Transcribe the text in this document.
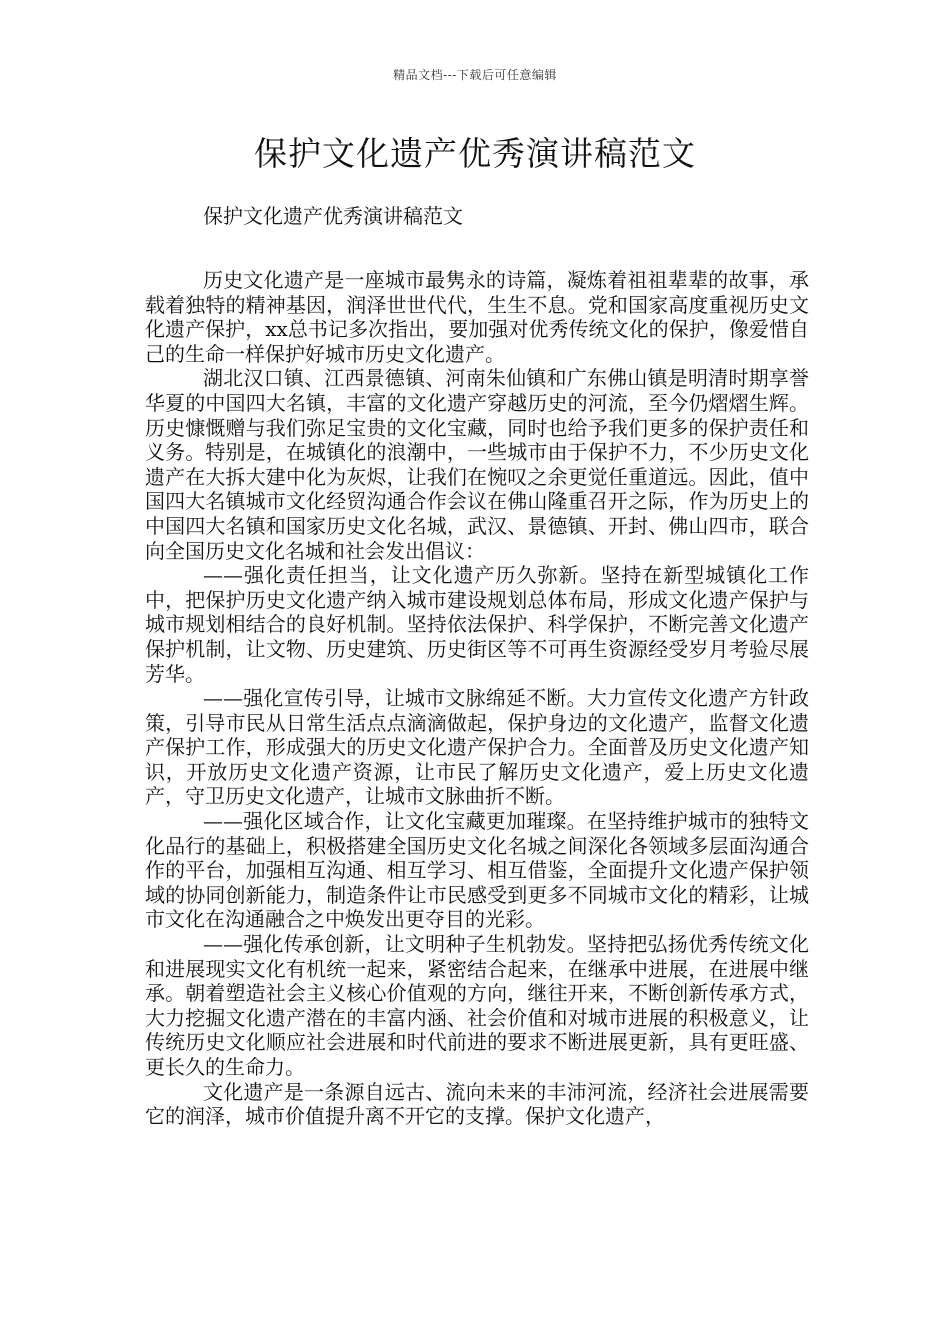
精品文档---下载后可任意编辑
保护文化遗产优秀演讲稿范文

保护文化遗产优秀演讲稿范文

历史文化遗产是一座城市最隽永的诗篇，凝炼着祖祖辈辈的故事，承载着独特的精神基因，润泽世世代代，生生不息。党和国家高度重视历史文化遗产保护，xx总书记多次指出，要加强对优秀传统文化的保护，像爱惜自己的生命一样保护好城市历史文化遗产。

湖北汉口镇、江西景德镇、河南朱仙镇和广东佛山镇是明清时期享誉华夏的中国四大名镇，丰富的文化遗产穿越历史的河流，至今仍熠熠生辉。历史慷慨赠与我们弥足宝贵的文化宝藏，同时也给予我们更多的保护责任和义务。特别是，在城镇化的浪潮中，一些城市由于保护不力，不少历史文化遗产在大拆大建中化为灰烬，让我们在惋叹之余更觉任重道远。因此，值中国四大名镇城市文化经贸沟通合作会议在佛山隆重召开之际，作为历史上的中国四大名镇和国家历史文化名城，武汉、景德镇、开封、佛山四市，联合向全国历史文化名城和社会发出倡议：

——强化责任担当，让文化遗产历久弥新。坚持在新型城镇化工作中，把保护历史文化遗产纳入城市建设规划总体布局，形成文化遗产保护与城市规划相结合的良好机制。坚持依法保护、科学保护，不断完善文化遗产保护机制，让文物、历史建筑、历史街区等不可再生资源经受岁月考验尽展芳华。

——强化宣传引导，让城市文脉绵延不断。大力宣传文化遗产方针政策，引导市民从日常生活点点滴滴做起，保护身边的文化遗产，监督文化遗产保护工作，形成强大的历史文化遗产保护合力。全面普及历史文化遗产知识，开放历史文化遗产资源，让市民了解历史文化遗产，爱上历史文化遗产，守卫历史文化遗产，让城市文脉曲折不断。

——强化区域合作，让文化宝藏更加璀璨。在坚持维护城市的独特文化品行的基础上，积极搭建全国历史文化名城之间深化各领域多层面沟通合作的平台，加强相互沟通、相互学习、相互借鉴，全面提升文化遗产保护领域的协同创新能力，制造条件让市民感受到更多不同城市文化的精彩，让城市文化在沟通融合之中焕发出更夺目的光彩。

——强化传承创新，让文明种子生机勃发。坚持把弘扬优秀传统文化和进展现实文化有机统一起来，紧密结合起来，在继承中进展，在进展中继承。朝着塑造社会主义核心价值观的方向，继往开来，不断创新传承方式，大力挖掘文化遗产潜在的丰富内涵、社会价值和对城市进展的积极意义，让传统历史文化顺应社会进展和时代前进的要求不断进展更新，具有更旺盛、更长久的生命力。

文化遗产是一条源自远古、流向未来的丰沛河流，经济社会进展需要它的润泽，城市价值提升离不开它的支撑。保护文化遗产，
